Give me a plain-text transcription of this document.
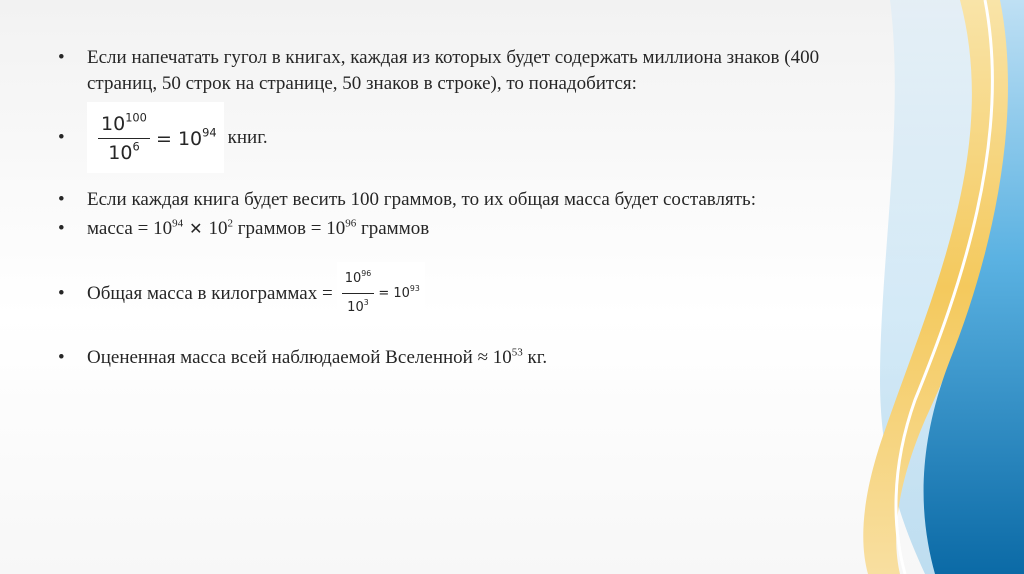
• Если напечатать гугол в книгах, каждая из которых будет содержать миллиона знаков (400 страниц, 50 строк на странице, 50 знаков в строке), то понадобится:
• $\frac{10^{100}}{10^6} = 10^{94}$ книг.
• Если каждая книга будет весить 100 граммов, то их общая масса будет составлять:
• масса = $10^{94}$ ✕ $10^2$ граммов = $10^{96}$ граммов
• Общая масса в килограммах = $\frac{10^{96}}{10^3} = 10^{93}$
• Оцененная масса всей наблюдаемой Вселенной ≈ $10^{53}$ кг.
